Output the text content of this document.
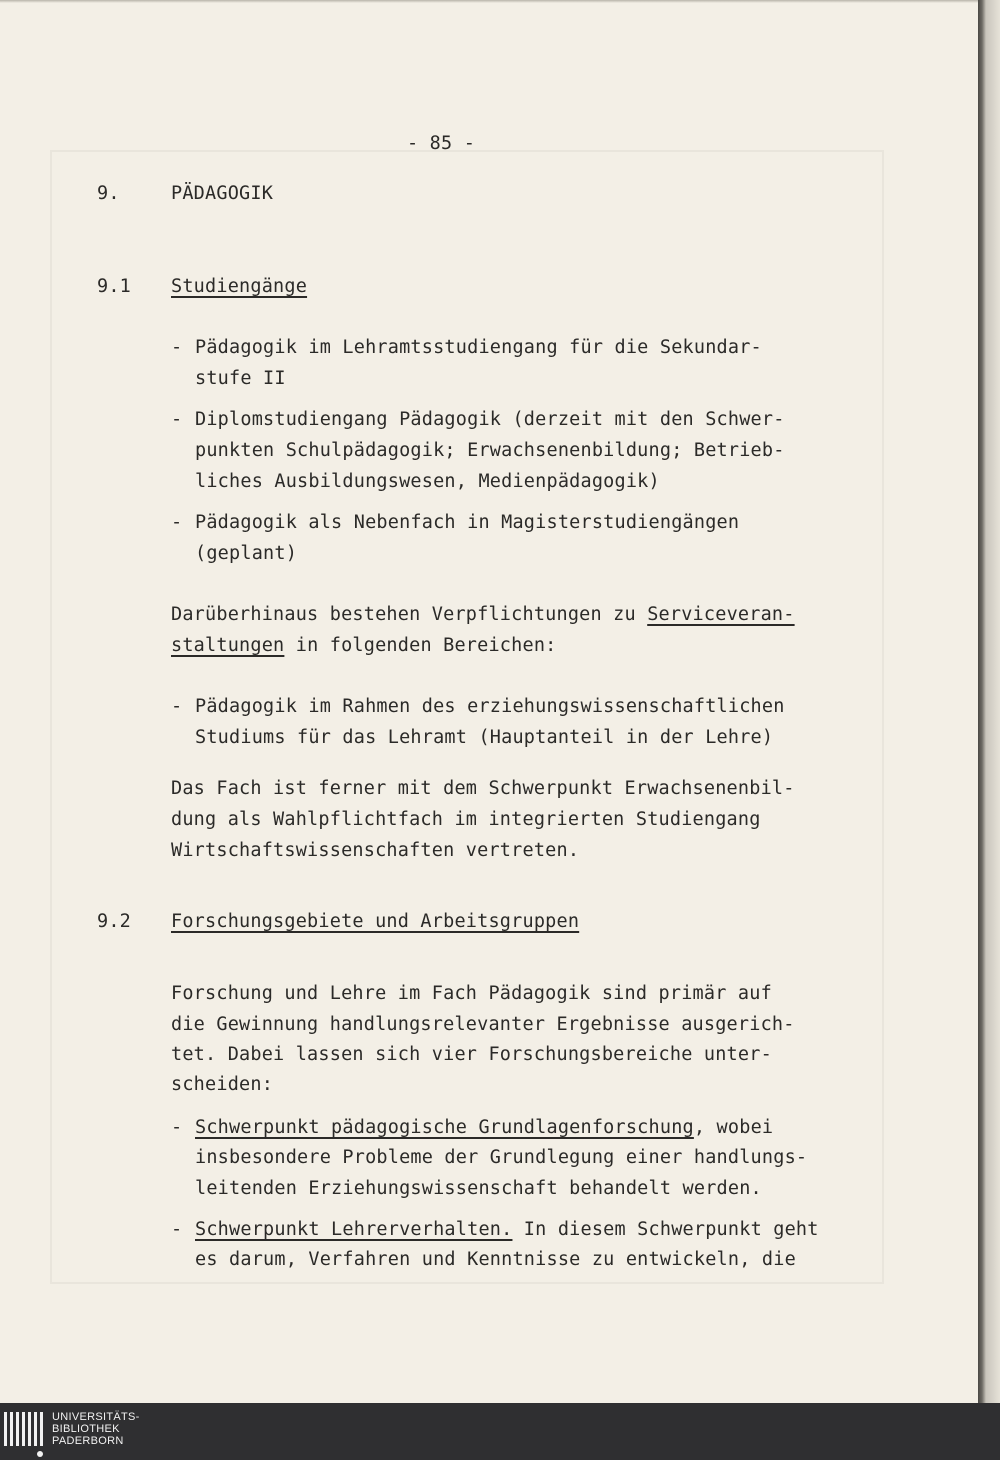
- 85 -
9.	PÄDAGOGIK
9.1 Studiengänge
- Pädagogik im Lehramtsstudiengang für die Sekundar-
stufe II
- Diplomstudiengang Pädagogik (derzeit mit den Schwer-
punkten Schulpädagogik; Erwachsenenbildung; Betrieb-
liches Ausbildungswesen, Medienpädagogik)
- Pädagogik als Nebenfach in Magisterstudiengängen
(geplant)
Darüberhinaus bestehen Verpflichtungen zu Serviceveran-
staltungen in folgenden Bereichen:
- Pädagogik im Rahmen des erziehungswissenschaftlichen
Studiums für das Lehramt (Hauptanteil in der Lehre)
Das Fach ist ferner mit dem Schwerpunkt Erwachsenenbil-
dung als Wahlpflichtfach im integrierten Studiengang
Wirtschaftswissenschaften vertreten.
9.2 Forschungsgebiete und Arbeitsgruppen
Forschung und Lehre im Fach Pädagogik sind primär auf
die Gewinnung handlungsrelevanter Ergebnisse ausgerich-
tet. Dabei lassen sich vier Forschungsbereiche unter-
scheiden:
- Schwerpunkt pädagogische Grundlagenforschung, wobei
insbesondere Probleme der Grundlegung einer handlungs-
leitenden Erziehungswissenschaft behandelt werden.
- Schwerpunkt Lehrerverhalten. In diesem Schwerpunkt geht
es darum, Verfahren und Kenntnisse zu entwickeln, die
UNIVERSITÄTS-
BIBLIOTHEK
PADERBORN
